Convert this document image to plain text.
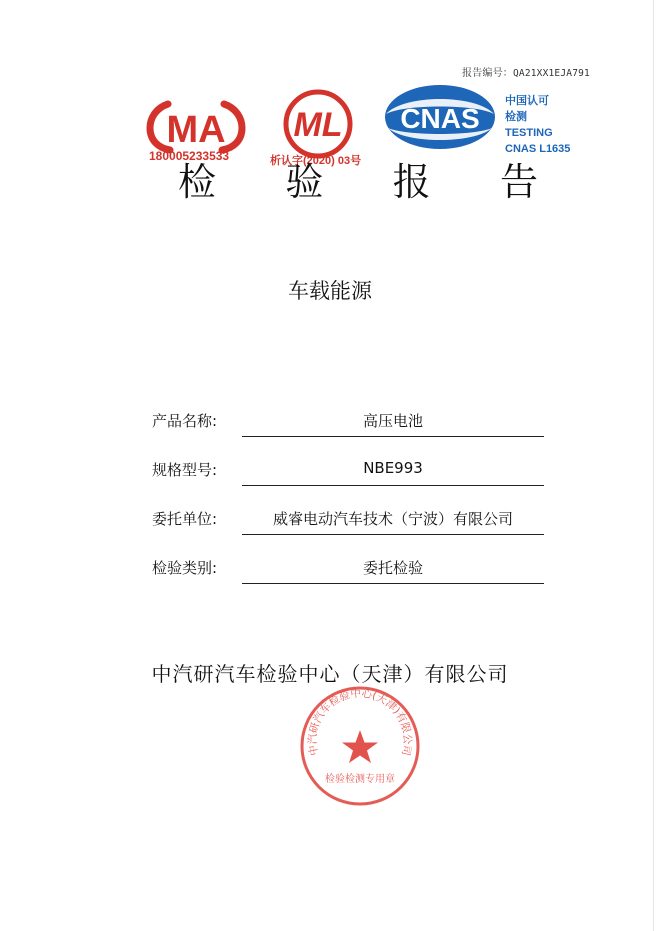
报告编号：QA21XX1EJA791
MA
180005233533
ML
析认字(2020) 03号
CNAS
中国认可
检测
TESTING
CNAS L1635
检 验 报 告
车载能源
产品名称:	高压电池
规格型号:	NBE993
委托单位:	威睿电动汽车技术（宁波）有限公司
检验类别:	委托检验
中汽研汽车检验中心（天津）有限公司
中汽研汽车检验中心(天津)有限公司
检验检测专用章
